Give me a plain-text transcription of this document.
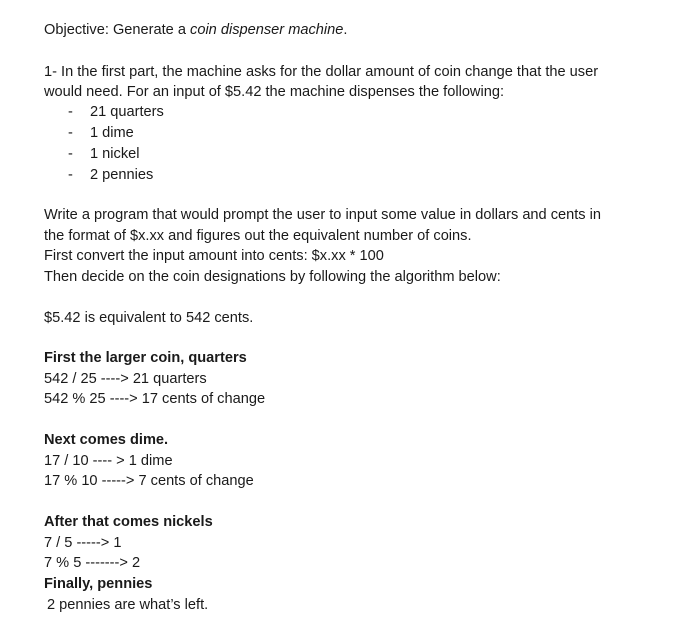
Objective: Generate a coin dispenser machine.
1- In the first part, the machine asks for the dollar amount of coin change that the user
would need. For an input of $5.42 the machine dispenses the following:
- 21 quarters
- 1 dime
- 1 nickel
- 2 pennies
Write a program that would prompt the user to input some value in dollars and cents in
the format of $x.xx and figures out the equivalent number of coins.
First convert the input amount into cents: $x.xx * 100
Then decide on the coin designations by following the algorithm below:
$5.42 is equivalent to 542 cents.
First the larger coin, quarters
542 / 25 ----> 21 quarters
542 % 25 ----> 17 cents of change
Next comes dime.
17 / 10 ---- > 1 dime
17 % 10 -----> 7 cents of change
After that comes nickels
7 / 5 -----> 1
7 % 5 -------> 2
Finally, pennies
2 pennies are what’s left.
